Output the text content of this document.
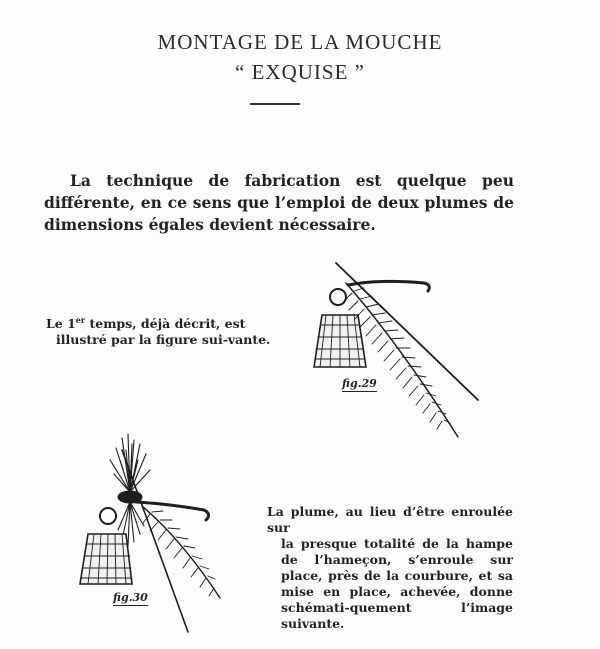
MONTAGE DE LA MOUCHE
“ EXQUISE ”
La technique de fabrication est quelque peu différente, en ce sens que l’emploi de deux plumes de dimensions égales devient nécessaire.
Le 1er temps, déjà décrit, est
illustré par la figure sui-vante.
La plume, au lieu d’être enroulée sur
la presque totalité de la hampe de l’hameçon, s’enroule sur place, près de la courbure, et sa mise en place, achevée, donne schémati-quement l’image suivante.
fig.29
fig.30
